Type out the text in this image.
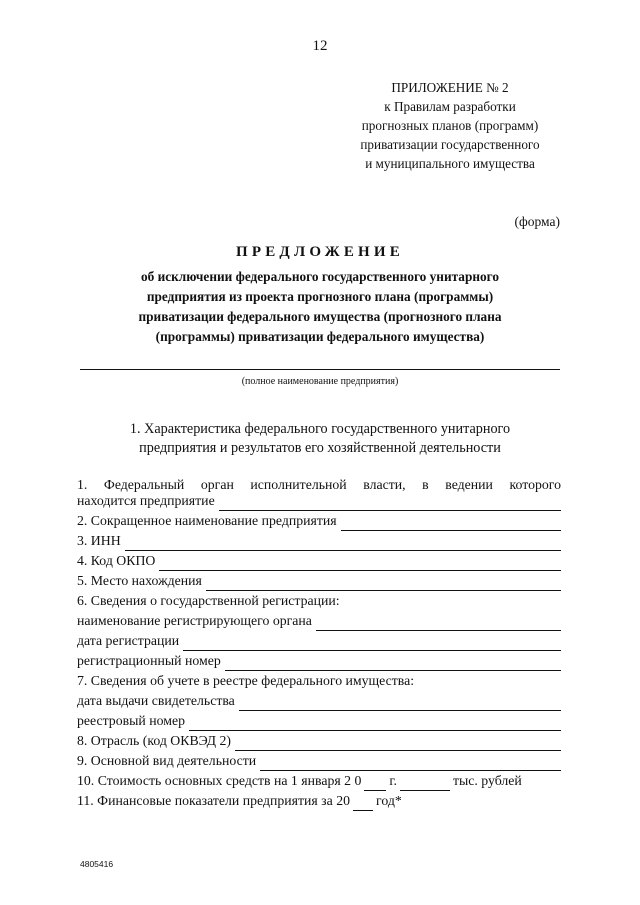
12
ПРИЛОЖЕНИЕ № 2
к Правилам разработки
прогнозных планов (программ)
приватизации государственного
и муниципального имущества
(форма)
ПРЕДЛОЖЕНИЕ
об исключении федерального государственного унитарного
предприятия из проекта прогнозного плана (программы)
приватизации федерального имущества (прогнозного плана
(программы) приватизации федерального имущества)
(полное наименование предприятия)
1. Характеристика федерального государственного унитарного
предприятия и результатов его хозяйственной деятельности
1. Федеральный орган исполнительной власти, в ведении которого
находится предприятие
2. Сокращенное наименование предприятия
3. ИНН
4. Код ОКПО
5. Место нахождения
6. Сведения о государственной регистрации:
наименование регистрирующего органа
дата регистрации
регистрационный номер
7. Сведения об учете в реестре федерального имущества:
дата выдачи свидетельства
реестровый номер
8. Отрасль (код ОКВЭД 2)
9. Основной вид деятельности
10. Стоимость основных средств на 1 января 2 0 г.	тыс. рублей
11. Финансовые показатели предприятия за 20 год*
4805416
